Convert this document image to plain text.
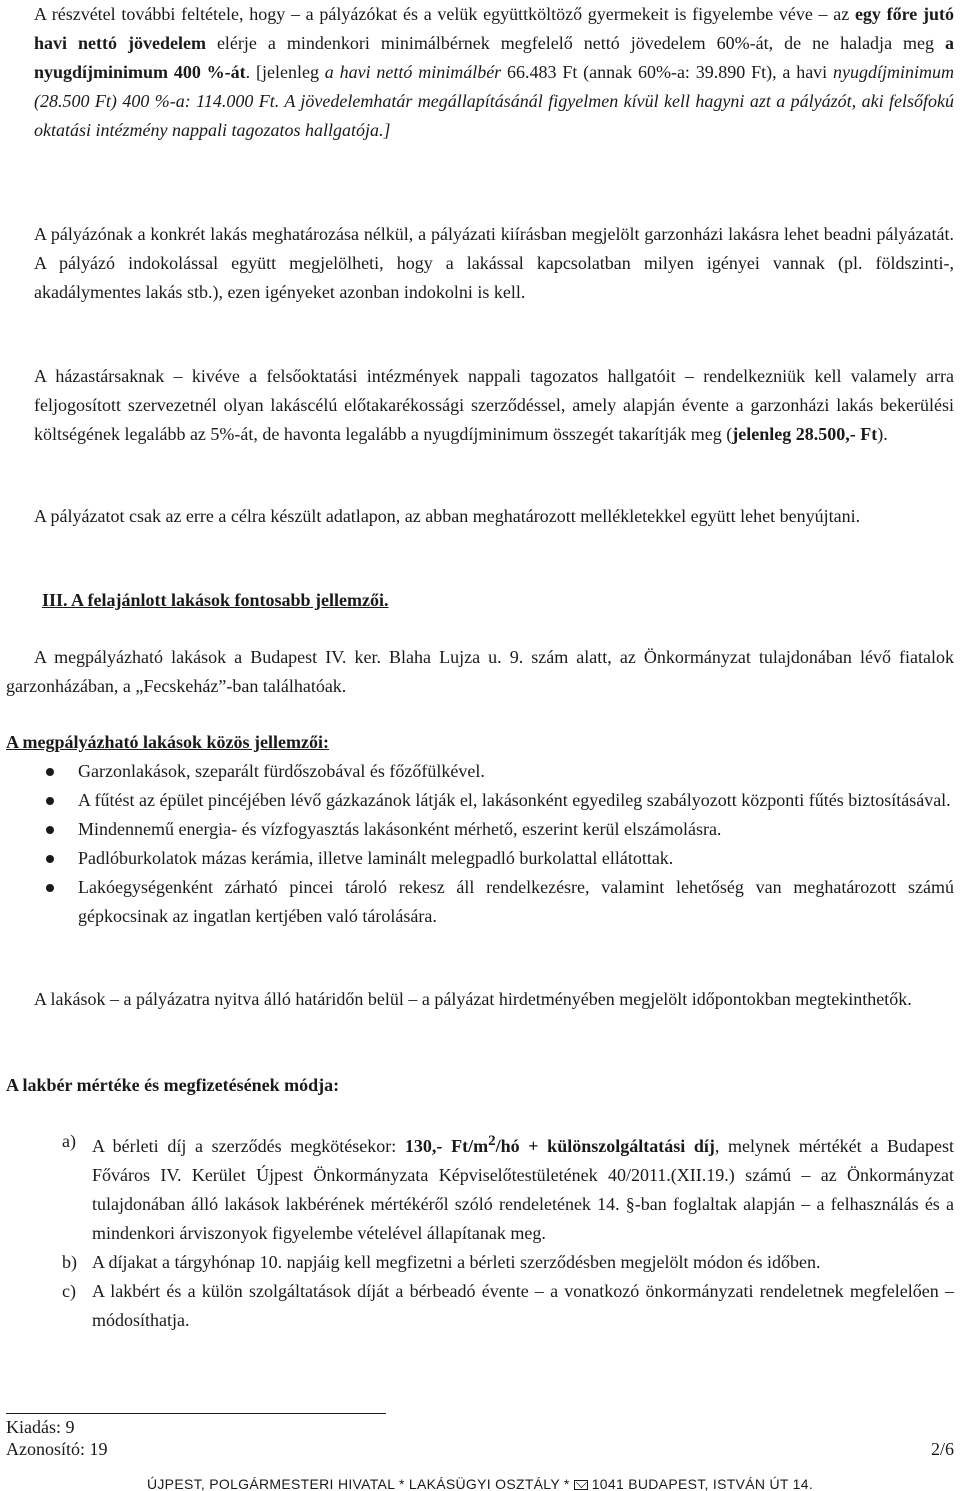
A részvétel további feltétele, hogy – a pályázókat és a velük együttköltöző gyermekeit is figyelembe véve – az egy főre jutó havi nettó jövedelem elérje a mindenkori minimálbérnek megfelelő nettó jövedelem 60%-át, de ne haladja meg a nyugdíjminimum 400 %-át. [jelenleg a havi nettó minimálbér 66.483 Ft (annak 60%-a: 39.890 Ft), a havi nyugdíjminimum (28.500 Ft) 400 %-a: 114.000 Ft. A jövedelemhatár megállapításánál figyelmen kívül kell hagyni azt a pályázót, aki felsőfokú oktatási intézmény nappali tagozatos hallgatója.]
A pályázónak a konkrét lakás meghatározása nélkül, a pályázati kiírásban megjelölt garzonházi lakásra lehet beadni pályázatát. A pályázó indokolással együtt megjelölheti, hogy a lakással kapcsolatban milyen igényei vannak (pl. földszinti-, akadálymentes lakás stb.), ezen igényeket azonban indokolni is kell.
A házastársaknak – kivéve a felsőoktatási intézmények nappali tagozatos hallgatóit – rendelkezniük kell valamely arra feljogosított szervezetnél olyan lakáscélú előtakarékossági szerződéssel, amely alapján évente a garzonházi lakás bekerülési költségének legalább az 5%-át, de havonta legalább a nyugdíjminimum összegét takarítják meg (jelenleg 28.500,- Ft).
A pályázatot csak az erre a célra készült adatlapon, az abban meghatározott mellékletekkel együtt lehet benyújtani.
III. A felajánlott lakások fontosabb jellemzői.
A megpályázható lakások a Budapest IV. ker. Blaha Lujza u. 9. szám alatt, az Önkormányzat tulajdonában lévő fiatalok garzonházában, a „Fecskeház”-ban találhatóak.
A megpályázható lakások közös jellemzői:
Garzonlakások, szeparált fürdőszobával és főzőfülkével.
A fűtést az épület pincéjében lévő gázkazánok látják el, lakásonként egyedileg szabályozott központi fűtés biztosításával.
Mindennemű energia- és vízfogyasztás lakásonként mérhető, eszerint kerül elszámolásra.
Padlóburkolatok mázas kerámia, illetve laminált melegpadló burkolattal ellátottak.
Lakóegységenként zárható pincei tároló rekesz áll rendelkezésre, valamint lehetőség van meghatározott számú gépkocsinak az ingatlan kertjében való tárolására.
A lakások – a pályázatra nyitva álló határidőn belül – a pályázat hirdetményében megjelölt időpontokban megtekinthetők.
A lakbér mértéke és megfizetésének módja:
a) A bérleti díj a szerződés megkötésekor: 130,- $Ft/m^2/hó$ + különszolgáltatási díj, melynek mértékét a Budapest Főváros IV. Kerület Újpest Önkormányzata Képviselőtestületének 40/2011.(XII.19.) számú – az Önkormányzat tulajdonában álló lakások lakbérének mértékéről szóló rendeletének 14. §-ban foglaltak alapján – a felhasználás és a mindenkori árviszonyok figyelembe vételével állapítanak meg.
b) A díjakat a tárgyhónap 10. napjáig kell megfizetni a bérleti szerződésben megjelölt módon és időben.
c) A lakbért és a külön szolgáltatások díját a bérbeadó évente – a vonatkozó önkormányzati rendeletnek megfelelően – módosíthatja.
Kiadás: 9
Azonosító: 19	2/6
ÚJPEST, POLGÁRMESTERI HIVATAL * LAKÁSÜGYI OSZTÁLY * 1041 BUDAPEST, ISTVÁN ÚT 14.
